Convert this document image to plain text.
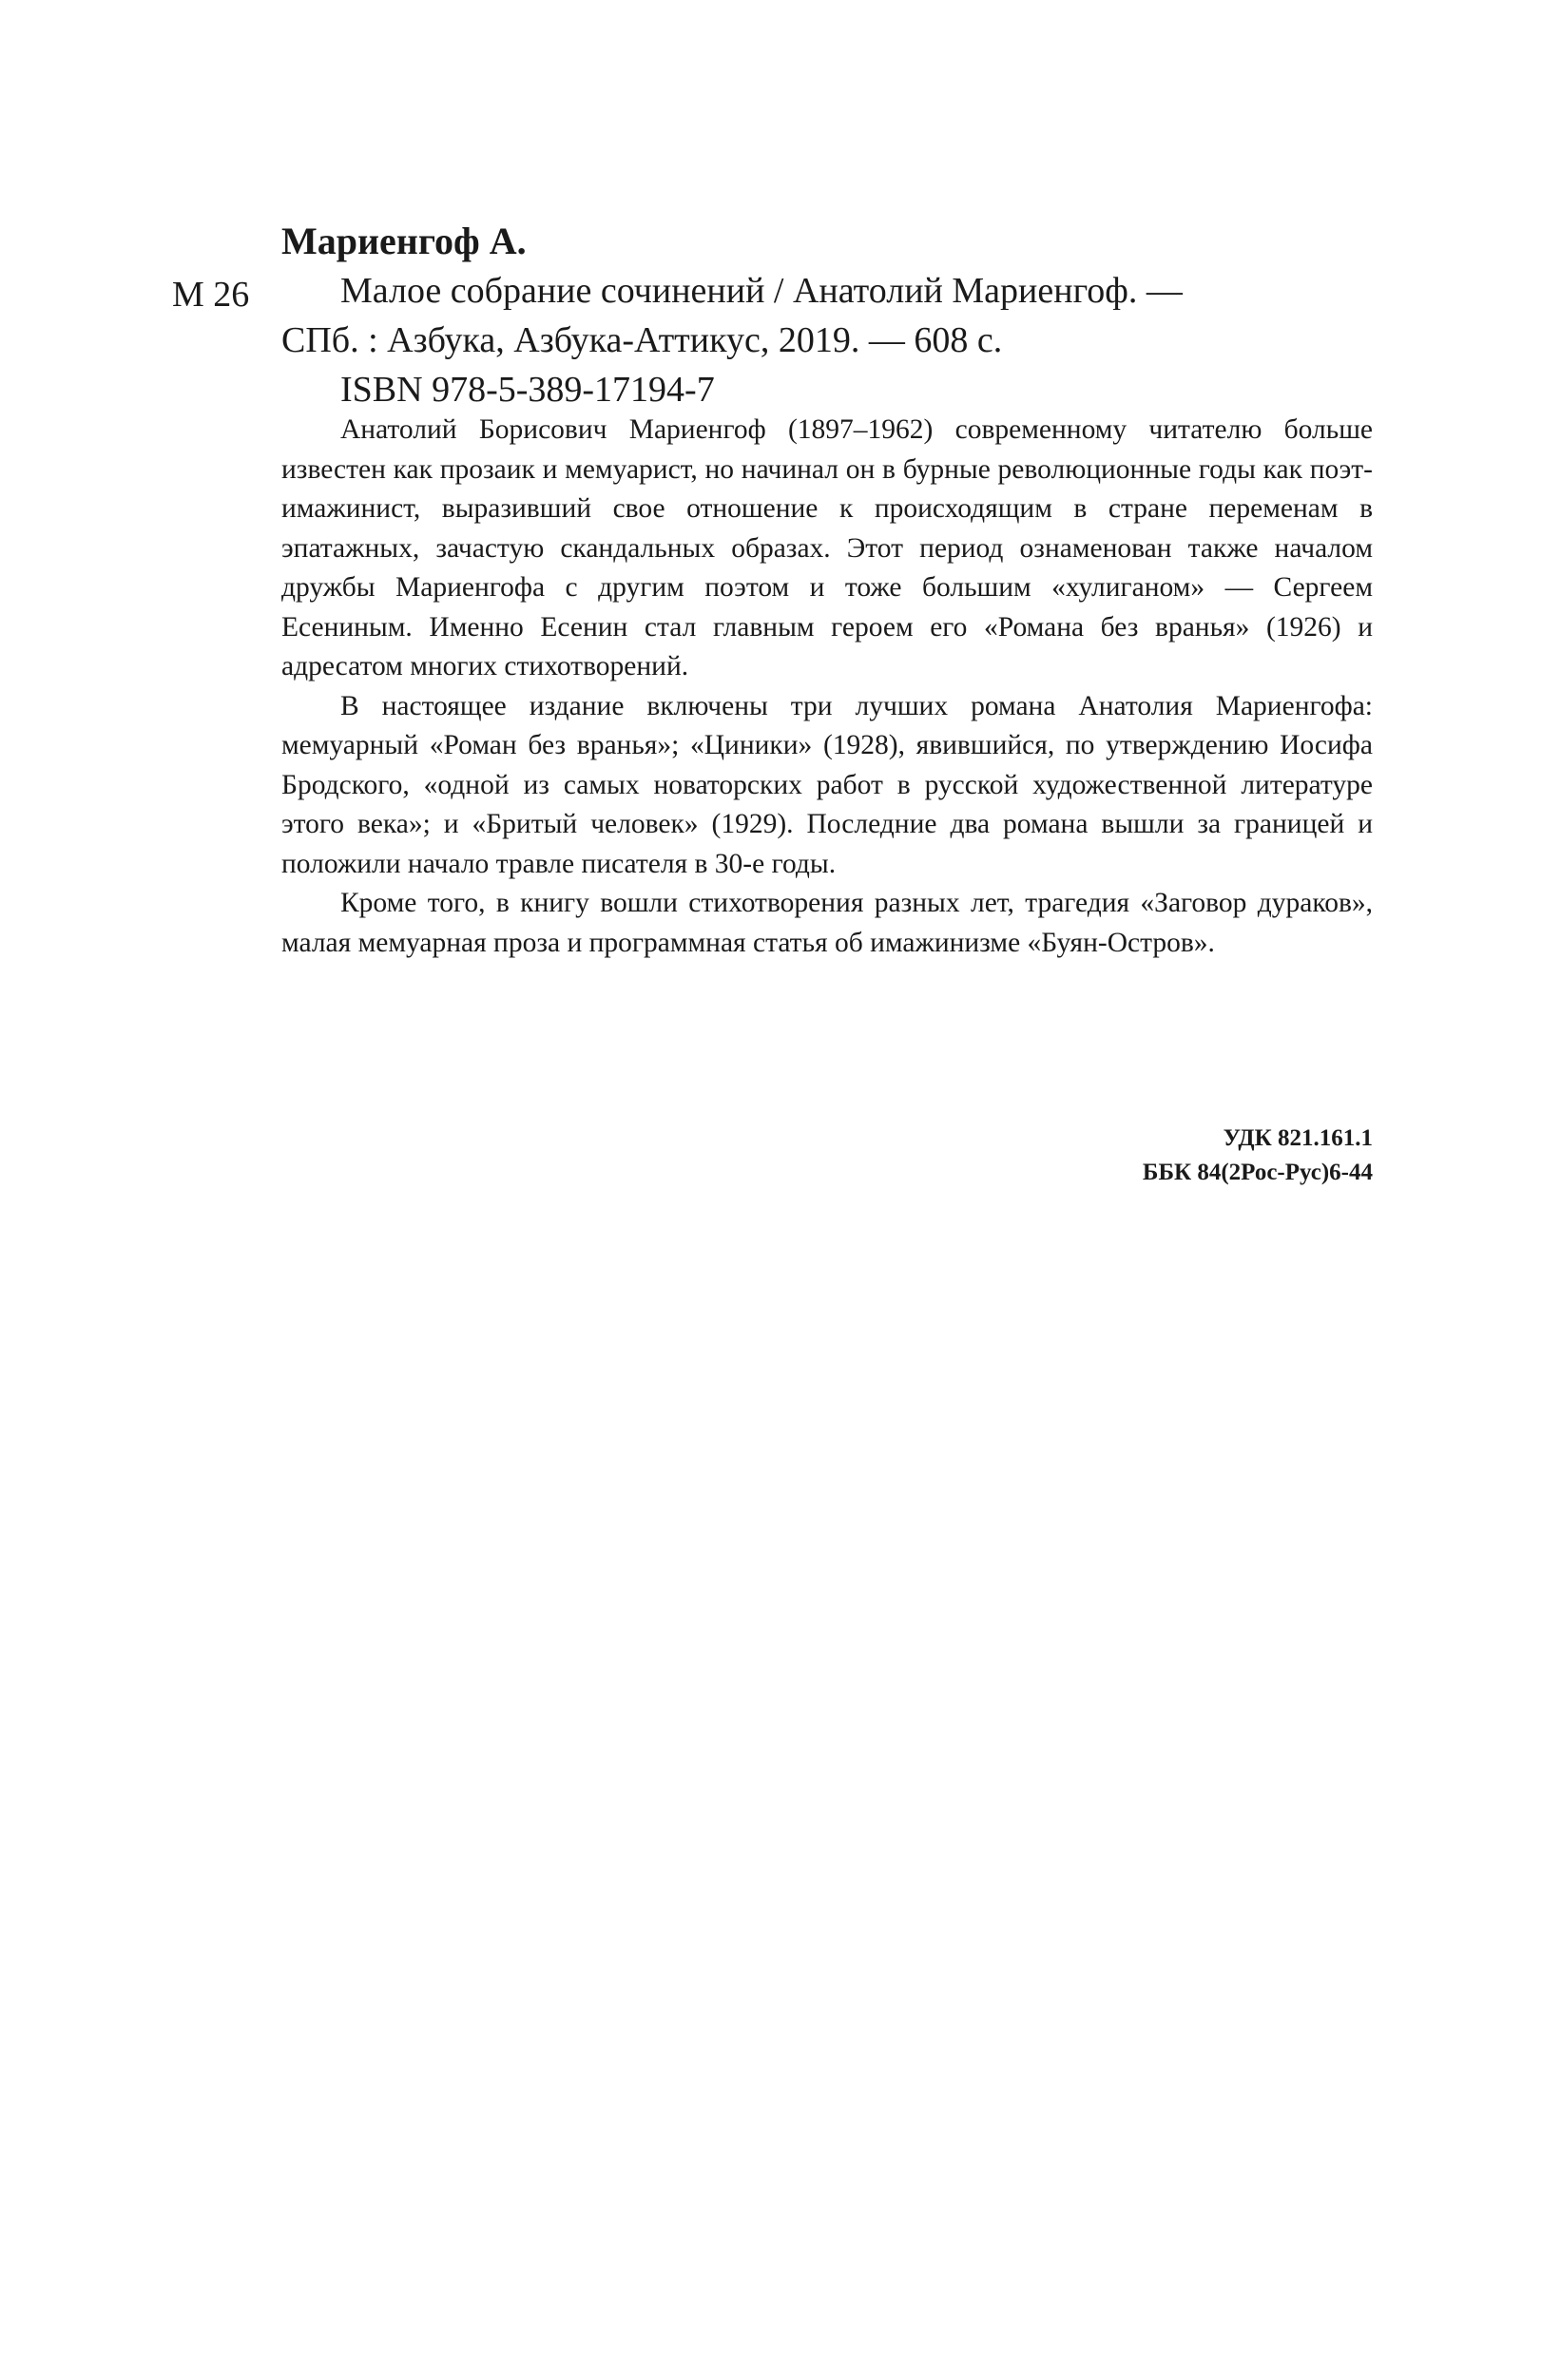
Мариенгоф А.
М 26	Малое собрание сочинений / Анатолий Мариенгоф. —
СПб. : Азбука, Азбука-Аттикус, 2019. — 608 с.
ISBN 978-5-389-17194-7

Анатолий Борисович Мариенгоф (1897–1962) современному читателю больше известен как прозаик и мемуарист, но начинал он в бурные революционные годы как поэт-имажинист, выразивший свое отношение к происходящим в стране переменам в эпатажных, зачастую скандальных образах. Этот период ознаменован также началом дружбы Мариенгофа с другим поэтом и тоже большим «хулиганом» — Сергеем Есениным. Именно Есенин стал главным героем его «Романа без вранья» (1926) и адресатом многих стихотворений.

В настоящее издание включены три лучших романа Анатолия Мариенгофа: мемуарный «Роман без вранья»; «Циники» (1928), явившийся, по утверждению Иосифа Бродского, «одной из самых новаторских работ в русской художественной литературе этого века»; и «Бритый человек» (1929). Последние два романа вышли за границей и положили начало травле писателя в 30-е годы.

Кроме того, в книгу вошли стихотворения разных лет, трагедия «Заговор дураков», малая мемуарная проза и программная статья об имажинизме «Буян-Остров».

УДК 821.161.1
ББК 84(2Рос-Рус)6-44
